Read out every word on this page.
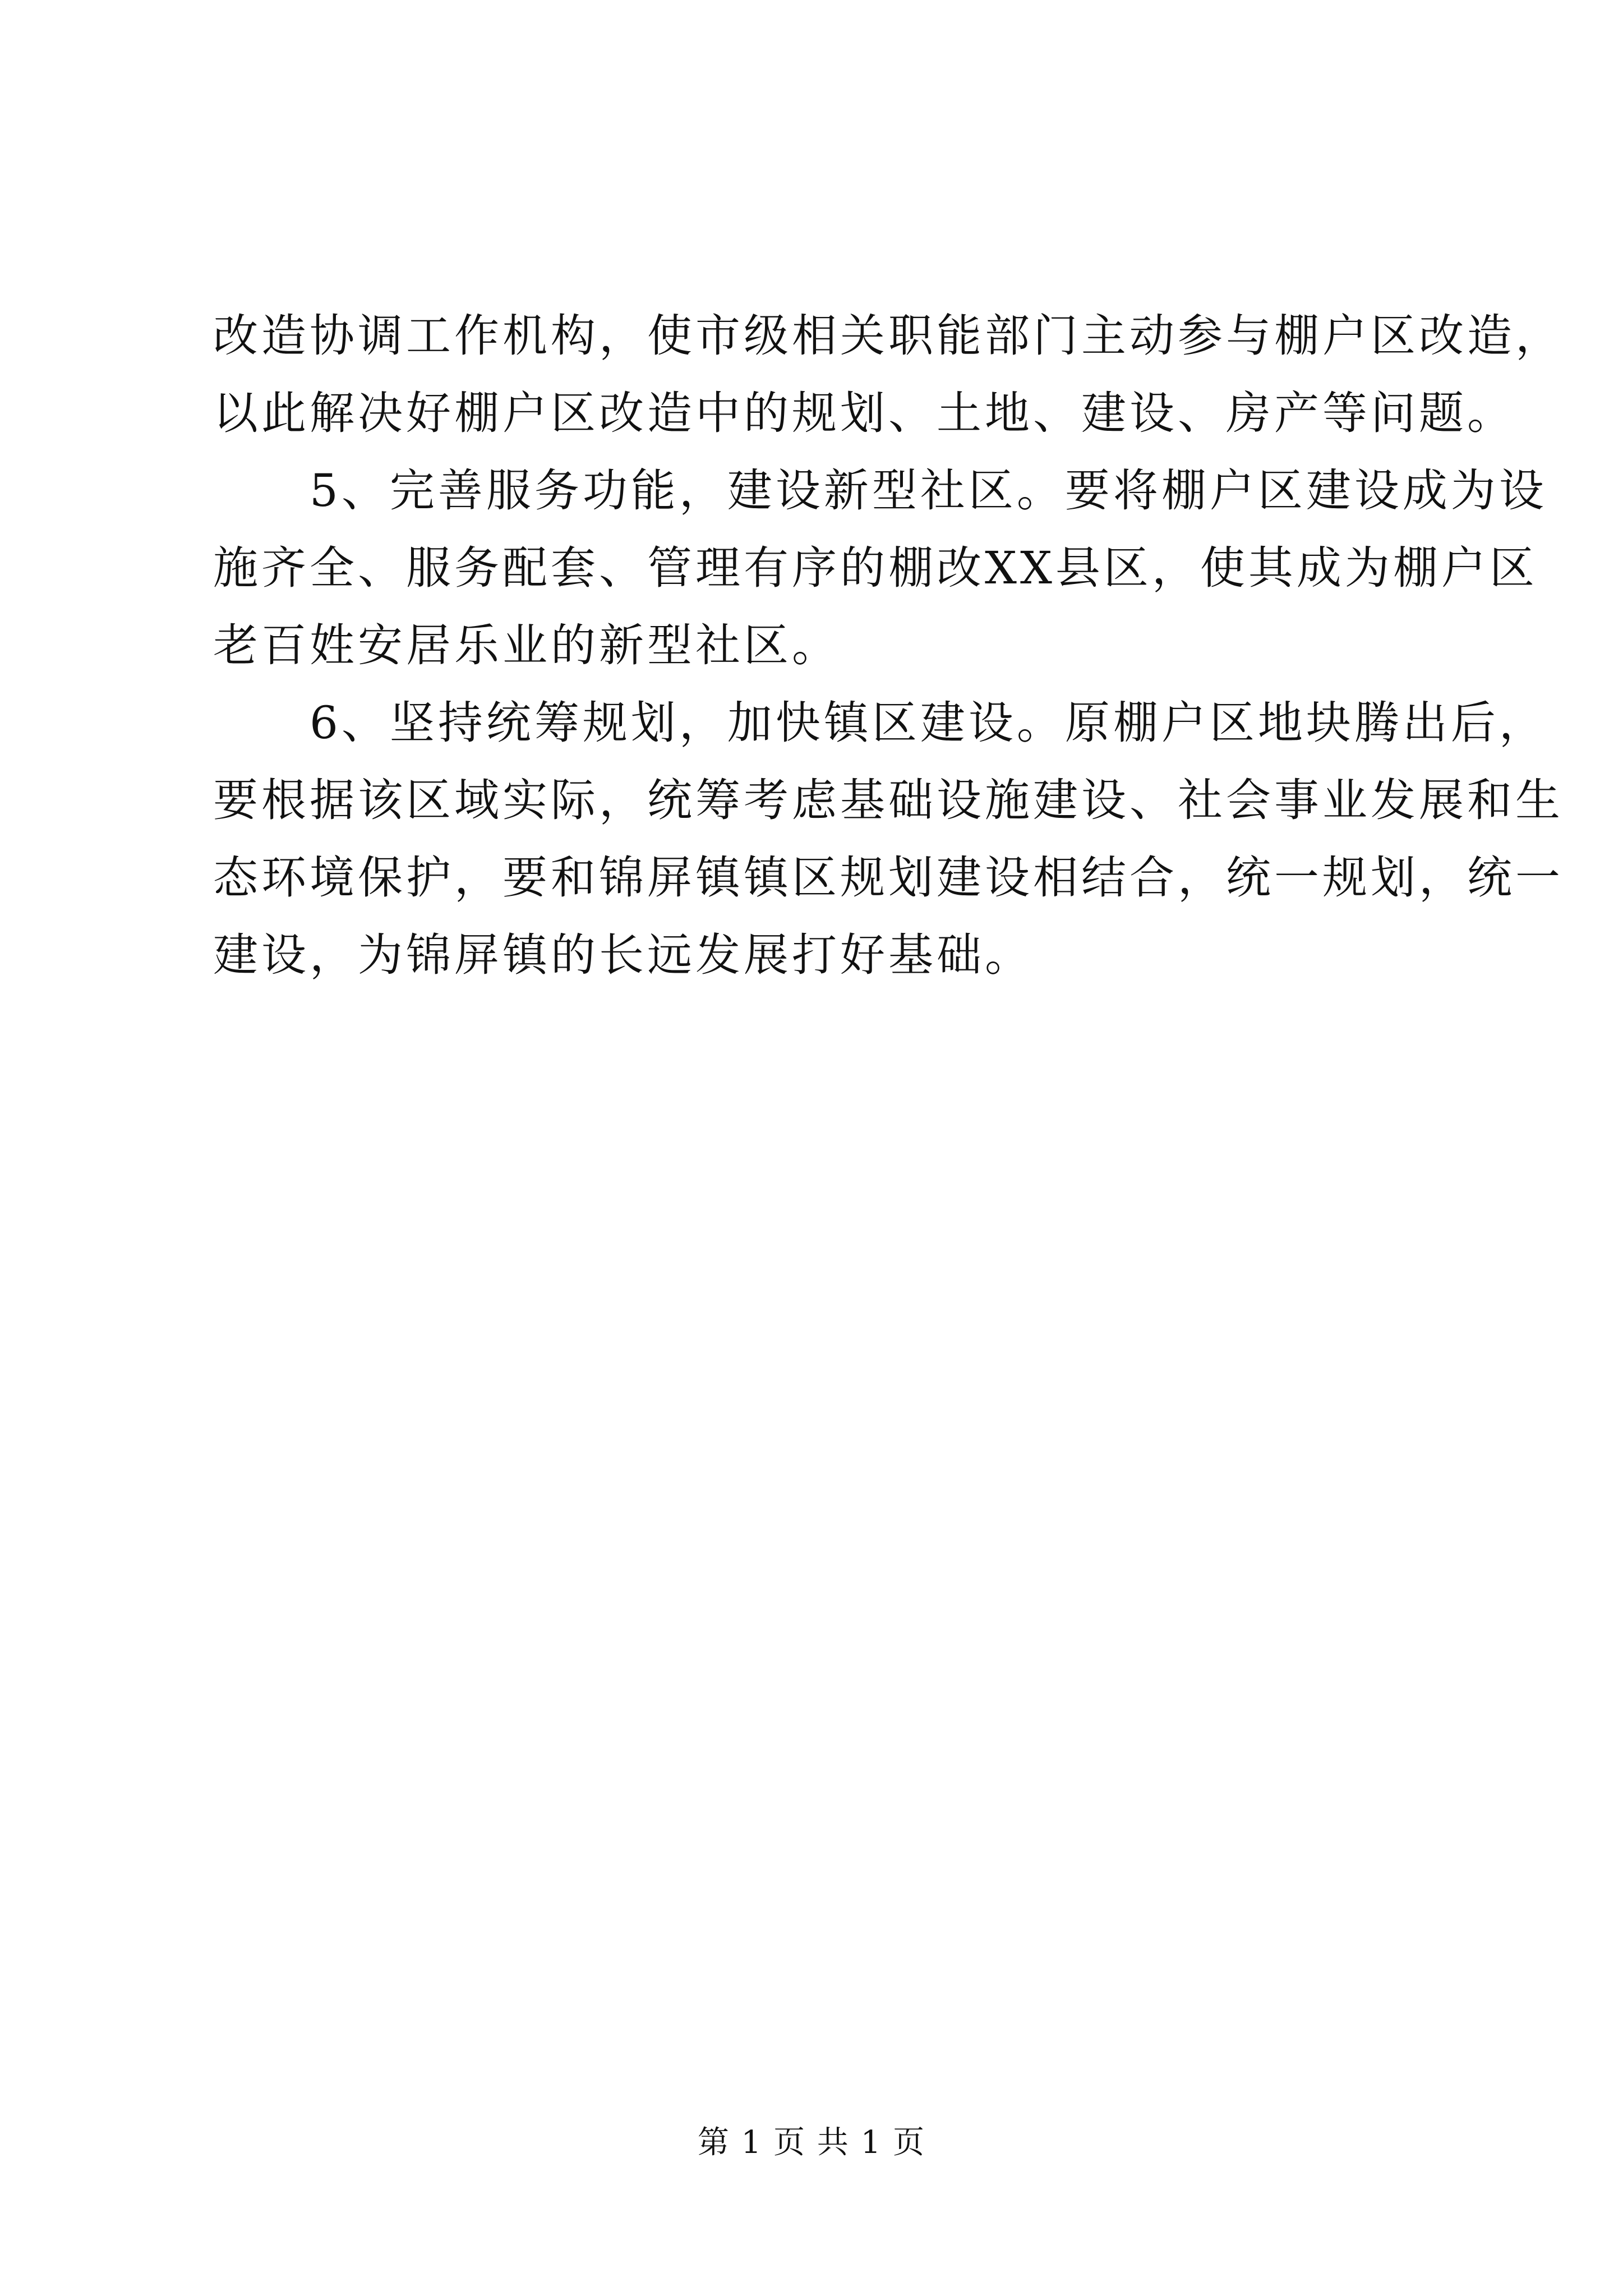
改造协调工作机构，使市级相关职能部门主动参与棚户区改造，
以此解决好棚户区改造中的规划、土地、建设、房产等问题。
5、完善服务功能，建设新型社区。要将棚户区建设成为设
施齐全、服务配套、管理有序的棚改XX县区，使其成为棚户区
老百姓安居乐业的新型社区。
6、坚持统筹规划，加快镇区建设。原棚户区地块腾出后，
要根据该区域实际，统筹考虑基础设施建设、社会事业发展和生
态环境保护，要和锦屏镇镇区规划建设相结合，统一规划，统一
建设，为锦屏镇的长远发展打好基础。
第 1 页 共 1 页
